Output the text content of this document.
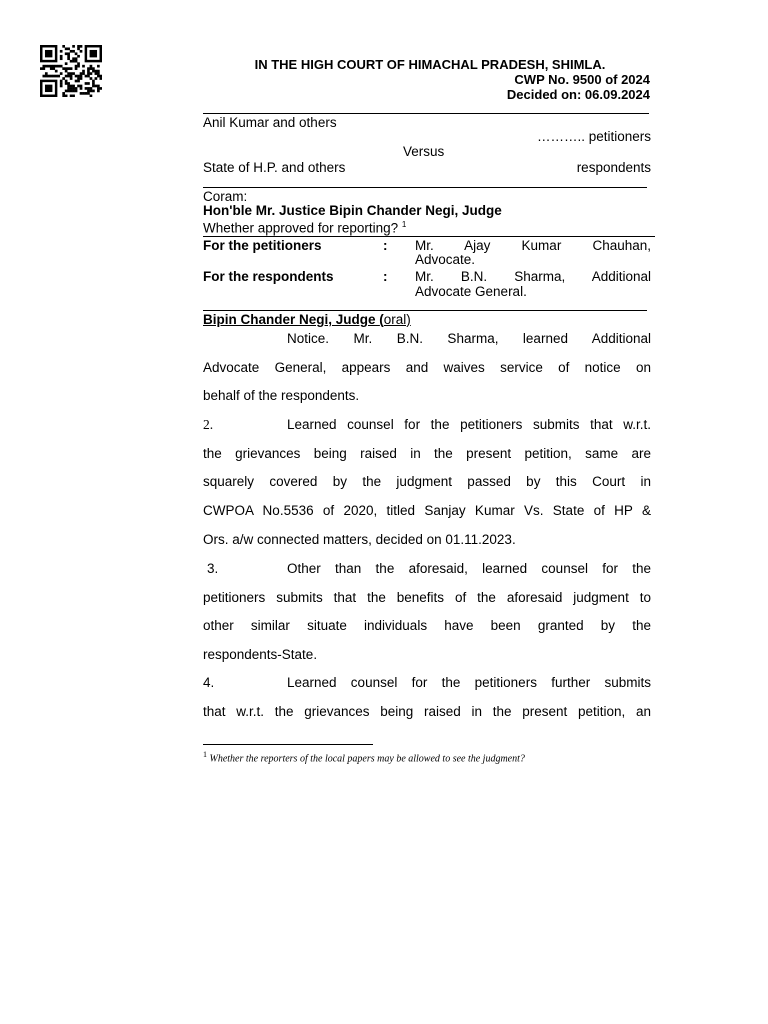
IN THE HIGH COURT OF HIMACHAL PRADESH, SHIMLA.
CWP No. 9500 of 2024
Decided on: 06.09.2024
Anil Kumar and others
……….. petitioners
Versus
State of H.P. and others	respondents
Coram:
Hon'ble Mr. Justice Bipin Chander Negi, Judge
Whether approved for reporting? $^1$
For the petitioners	: Mr. Ajay Kumar Chauhan,
Advocate.
For the respondents	: Mr. B.N. Sharma, Additional
Advocate General.
Bipin Chander Negi, Judge (oral)
Notice. Mr. B.N. Sharma, learned Additional
Advocate General, appears and waives service of notice on
behalf of the respondents.
2.	Learned counsel for the petitioners submits that w.r.t.
the grievances being raised in the present petition, same are
squarely covered by the judgment passed by this Court in
CWPOA No.5536 of 2020, titled Sanjay Kumar Vs. State of HP &
Ors. a/w connected matters, decided on 01.11.2023.
3.	Other than the aforesaid, learned counsel for the
petitioners submits that the benefits of the aforesaid judgment to
other similar situate individuals have been granted by the
respondents-State.
4.	Learned counsel for the petitioners further submits
that w.r.t. the grievances being raised in the present petition, an
$^1$ Whether the reporters of the local papers may be allowed to see the judgment?
